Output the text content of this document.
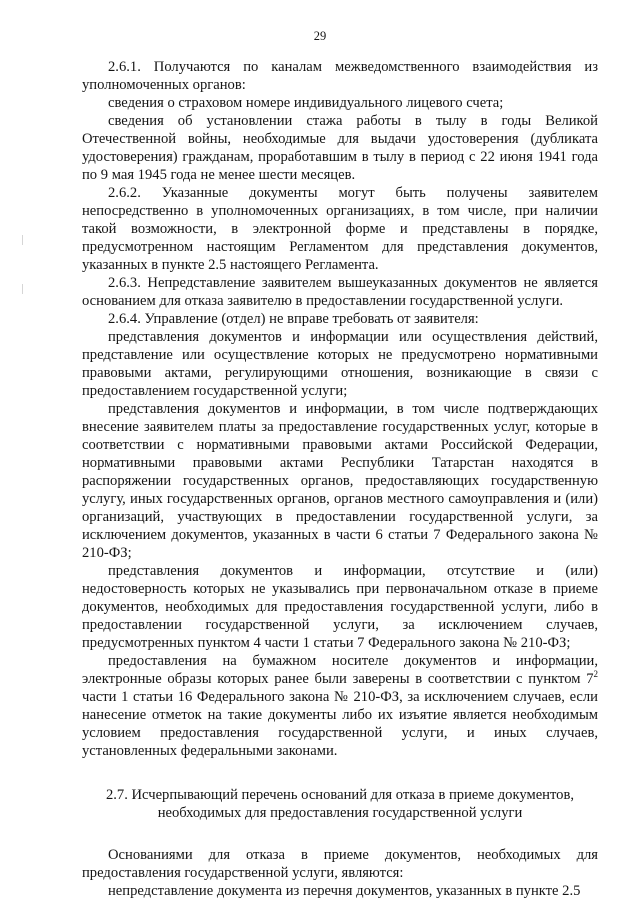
29

2.6.1. Получаются по каналам межведомственного взаимодействия из уполномоченных органов:

сведения о страховом номере индивидуального лицевого счета;

сведения об установлении стажа работы в тылу в годы Великой Отечественной войны, необходимые для выдачи удостоверения (дубликата удостоверения) гражданам, проработавшим в тылу в период с 22 июня 1941 года по 9 мая 1945 года не менее шести месяцев.

2.6.2. Указанные документы могут быть получены заявителем непосредственно в уполномоченных организациях, в том числе, при наличии такой возможности, в электронной форме и представлены в порядке, предусмотренном настоящим Регламентом для представления документов, указанных в пункте 2.5 настоящего Регламента.

2.6.3. Непредставление заявителем вышеуказанных документов не является основанием для отказа заявителю в предоставлении государственной услуги.

2.6.4. Управление (отдел) не вправе требовать от заявителя:

представления документов и информации или осуществления действий, представление или осуществление которых не предусмотрено нормативными правовыми актами, регулирующими отношения, возникающие в связи с предоставлением государственной услуги;

представления документов и информации, в том числе подтверждающих внесение заявителем платы за предоставление государственных услуг, которые в соответствии с нормативными правовыми актами Российской Федерации, нормативными правовыми актами Республики Татарстан находятся в распоряжении государственных органов, предоставляющих государственную услугу, иных государственных органов, органов местного самоуправления и (или) организаций, участвующих в предоставлении государственной услуги, за исключением документов, указанных в части 6 статьи 7 Федерального закона № 210-ФЗ;

представления документов и информации, отсутствие и (или) недостоверность которых не указывались при первоначальном отказе в приеме документов, необходимых для предоставления государственной услуги, либо в предоставлении государственной услуги, за исключением случаев, предусмотренных пунктом 4 части 1 статьи 7 Федерального закона № 210-ФЗ;

предоставления на бумажном носителе документов и информации, электронные образы которых ранее были заверены в соответствии с пунктом $7^2$ части 1 статьи 16 Федерального закона № 210-ФЗ, за исключением случаев, если нанесение отметок на такие документы либо их изъятие является необходимым условием предоставления государственной услуги, и иных случаев, установленных федеральными законами.

2.7. Исчерпывающий перечень оснований для отказа в приеме документов,
необходимых для предоставления государственной услуги

Основаниями для отказа в приеме документов, необходимых для предоставления государственной услуги, являются:

непредставление документа из перечня документов, указанных в пункте 2.5
